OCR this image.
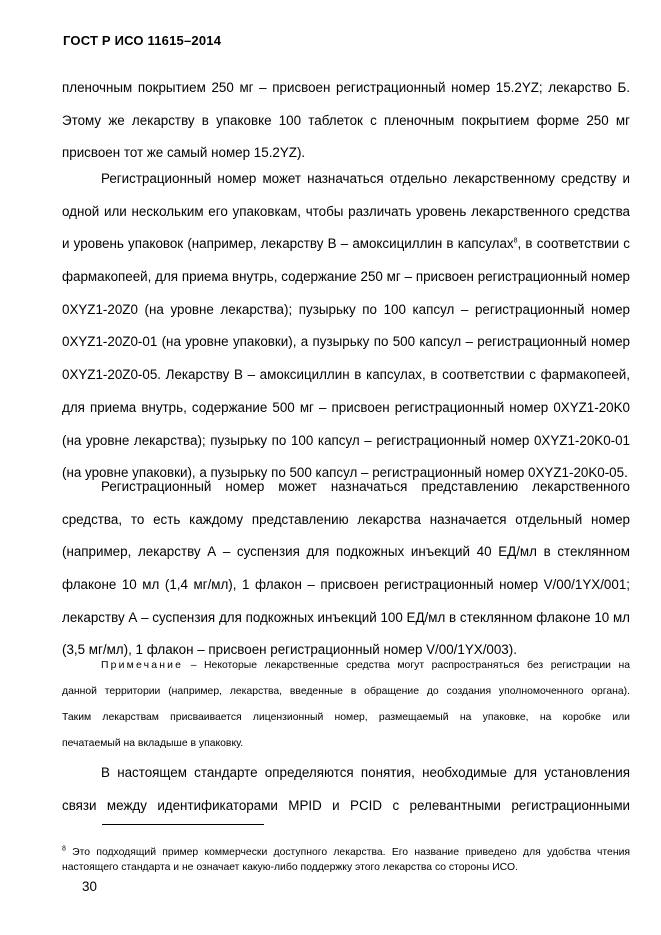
ГОСТ Р ИСО 11615–2014
пленочным покрытием 250 мг – присвоен регистрационный номер 15.2YZ; лекарство Б.
Этому же лекарству в упаковке 100 таблеток с пленочным покрытием форме 250 мг
присвоен тот же самый номер 15.2YZ).
Регистрационный номер может назначаться отдельно лекарственному средству и
одной или нескольким его упаковкам, чтобы различать уровень лекарственного средства
и уровень упаковок (например, лекарству В – амоксициллин в капсулах$^8$, в соответствии с
фармакопеей, для приема внутрь, содержание 250 мг – присвоен регистрационный номер
0XYZ1-20Z0 (на уровне лекарства); пузырьку по 100 капсул – регистрационный номер
0XYZ1-20Z0-01 (на уровне упаковки), а пузырьку по 500 капсул – регистрационный номер
0XYZ1-20Z0-05. Лекарству В – амоксициллин в капсулах, в соответствии с фармакопеей,
для приема внутрь, содержание 500 мг – присвоен регистрационный номер 0XYZ1-20K0
(на уровне лекарства); пузырьку по 100 капсул – регистрационный номер 0XYZ1-20K0-01
(на уровне упаковки), а пузырьку по 500 капсул – регистрационный номер 0XYZ1-20K0-05.
Регистрационный номер может назначаться представлению лекарственного
средства, то есть каждому представлению лекарства назначается отдельный номер
(например, лекарству А – суспензия для подкожных инъекций 40 ЕД/мл в стеклянном
флаконе 10 мл (1,4 мг/мл), 1 флакон – присвоен регистрационный номер V/00/1YX/001;
лекарству А – суспензия для подкожных инъекций 100 ЕД/мл в стеклянном флаконе 10 мл
(3,5 мг/мл), 1 флакон – присвоен регистрационный номер V/00/1YX/003).
Примечание – Некоторые лекарственные средства могут распространяться без регистрации на
данной территории (например, лекарства, введенные в обращение до создания уполномоченного органа).
Таким лекарствам присваивается лицензионный номер, размещаемый на упаковке, на коробке или
печатаемый на вкладыше в упаковку.
В настоящем стандарте определяются понятия, необходимые для установления
связи между идентификаторами MPID и PCID с релевантными регистрационными
$^8$ Это подходящий пример коммерчески доступного лекарства. Его название приведено для удобства чтения
настоящего стандарта и не означает какую-либо поддержку этого лекарства со стороны ИСО.
30
